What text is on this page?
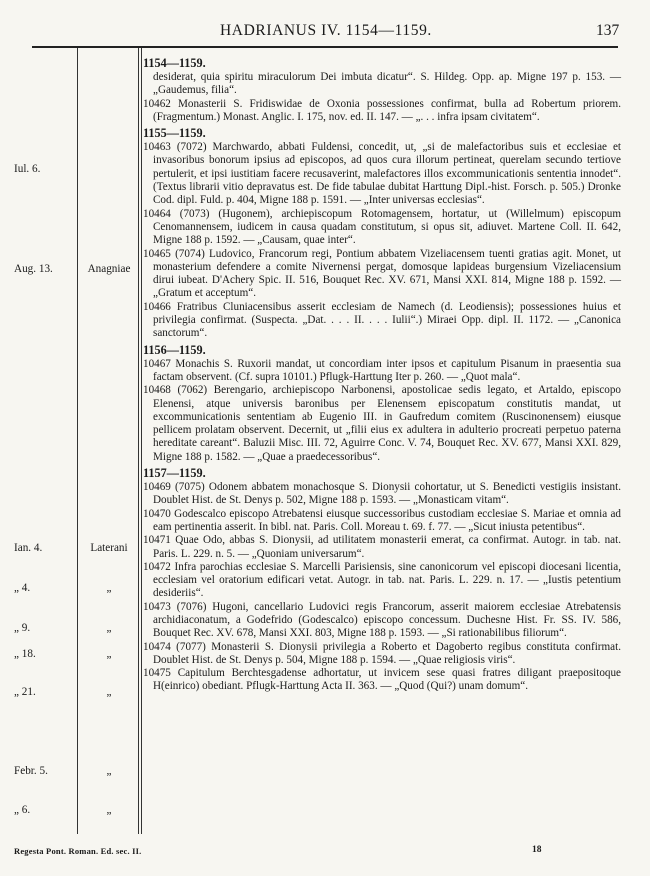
HADRIANUS IV. 1154—1159.	137
Iul. 6.
Aug. 13.
Ian. 4.
„ 4.
„ 9.
„ 18.
„ 21.
Febr. 5.
„ 6.
Anagniae
Laterani
„
„
„
„
„
„
1154—1159.

desiderat, quia spiritu miraculorum Dei imbuta dicatur“. S. Hildeg. Opp. ap. Migne 197 p. 153. — „Gaudemus, filia“.

10462 Monasterii S. Fridiswidae de Oxonia possessiones confirmat, bulla ad Robertum priorem. (Fragmentum.) Monast. Anglic. I. 175, nov. ed. II. 147. — „. . . infra ipsam civitatem“.

1155—1159.

10463 (7072) Marchwardo, abbati Fuldensi, concedit, ut, „si de malefactoribus suis et ecclesiae et invasoribus bonorum ipsius ad episcopos, ad quos cura illorum pertineat, querelam secundo tertiove pertulerit, et ipsi iustitiam facere recusaverint, malefactores illos excommunicationis sententia innodet“. (Textus librarii vitio depravatus est. De fide tabulae dubitat Harttung Dipl.-hist. Forsch. p. 505.) Dronke Cod. dipl. Fuld. p. 404, Migne 188 p. 1591. — „Inter universas ecclesias“.

10464 (7073) (Hugonem), archiepiscopum Rotomagensem, hortatur, ut (Willelmum) episcopum Cenomannensem, iudicem in causa quadam constitutum, si opus sit, adiuvet. Martene Coll. II. 642, Migne 188 p. 1592. — „Causam, quae inter“.

10465 (7074) Ludovico, Francorum regi, Pontium abbatem Vizeliacensem tuenti gratias agit. Monet, ut monasterium defendere a comite Nivernensi pergat, domosque lapideas burgensium Vizeliacensium dirui iubeat. D'Achery Spic. II. 516, Bouquet Rec. XV. 671, Mansi XXI. 814, Migne 188 p. 1592. — „Gratum et acceptum“.

10466 Fratribus Cluniacensibus asserit ecclesiam de Namech (d. Leodiensis); possessiones huius et privilegia confirmat. (Suspecta. „Dat. . . . II. . . . Iulii“.) Miraei Opp. dipl. II. 1172. — „Canonica sanctorum“.

1156—1159.

10467 Monachis S. Ruxorii mandat, ut concordiam inter ipsos et capitulum Pisanum in praesentia sua factam observent. (Cf. supra 10101.) Pflugk-Harttung Iter p. 260. — „Quot mala“.

10468 (7062) Berengario, archiepiscopo Narbonensi, apostolicae sedis legato, et Artaldo, episcopo Elenensi, atque universis baronibus per Elenensem episcopatum constitutis mandat, ut excommunicationis sententiam ab Eugenio III. in Gaufredum comitem (Ruscinonensem) eiusque pellicem prolatam observent. Decernit, ut „filii eius ex adultera in adulterio procreati perpetuo paterna hereditate careant“. Baluzii Misc. III. 72, Aguirre Conc. V. 74, Bouquet Rec. XV. 677, Mansi XXI. 829, Migne 188 p. 1582. — „Quae a praedecessoribus“.

1157—1159.

10469 (7075) Odonem abbatem monachosque S. Dionysii cohortatur, ut S. Benedicti vestigiis insistant. Doublet Hist. de St. Denys p. 502, Migne 188 p. 1593. — „Monasticam vitam“.

10470 Godescalco episcopo Atrebatensi eiusque successoribus custodiam ecclesiae S. Mariae et omnia ad eam pertinentia asserit. In bibl. nat. Paris. Coll. Moreau t. 69. f. 77. — „Sicut iniusta petentibus“.

10471 Quae Odo, abbas S. Dionysii, ad utilitatem monasterii emerat, ca confirmat. Autogr. in tab. nat. Paris. L. 229. n. 5. — „Quoniam universarum“.

10472 Infra parochias ecclesiae S. Marcelli Parisiensis, sine canonicorum vel episcopi diocesani licentia, ecclesiam vel oratorium edificari vetat. Autogr. in tab. nat. Paris. L. 229. n. 17. — „Iustis petentium desideriis“.

10473 (7076) Hugoni, cancellario Ludovici regis Francorum, asserit maiorem ecclesiae Atrebatensis archidiaconatum, a Godefrido (Godescalco) episcopo concessum. Duchesne Hist. Fr. SS. IV. 586, Bouquet Rec. XV. 678, Mansi XXI. 803, Migne 188 p. 1593. — „Si rationabilibus filiorum“.

10474 (7077) Monasterii S. Dionysii privilegia a Roberto et Dagoberto regibus constituta confirmat. Doublet Hist. de St. Denys p. 504, Migne 188 p. 1594. — „Quae religiosis viris“.

10475 Capitulum Berchtesgadense adhortatur, ut invicem sese quasi fratres diligant praepositoque H(einrico) obediant. Pflugk-Harttung Acta II. 363. — „Quod (Qui?) unam domum“.

Regesta Pont. Roman. Ed. sec. II.	18
